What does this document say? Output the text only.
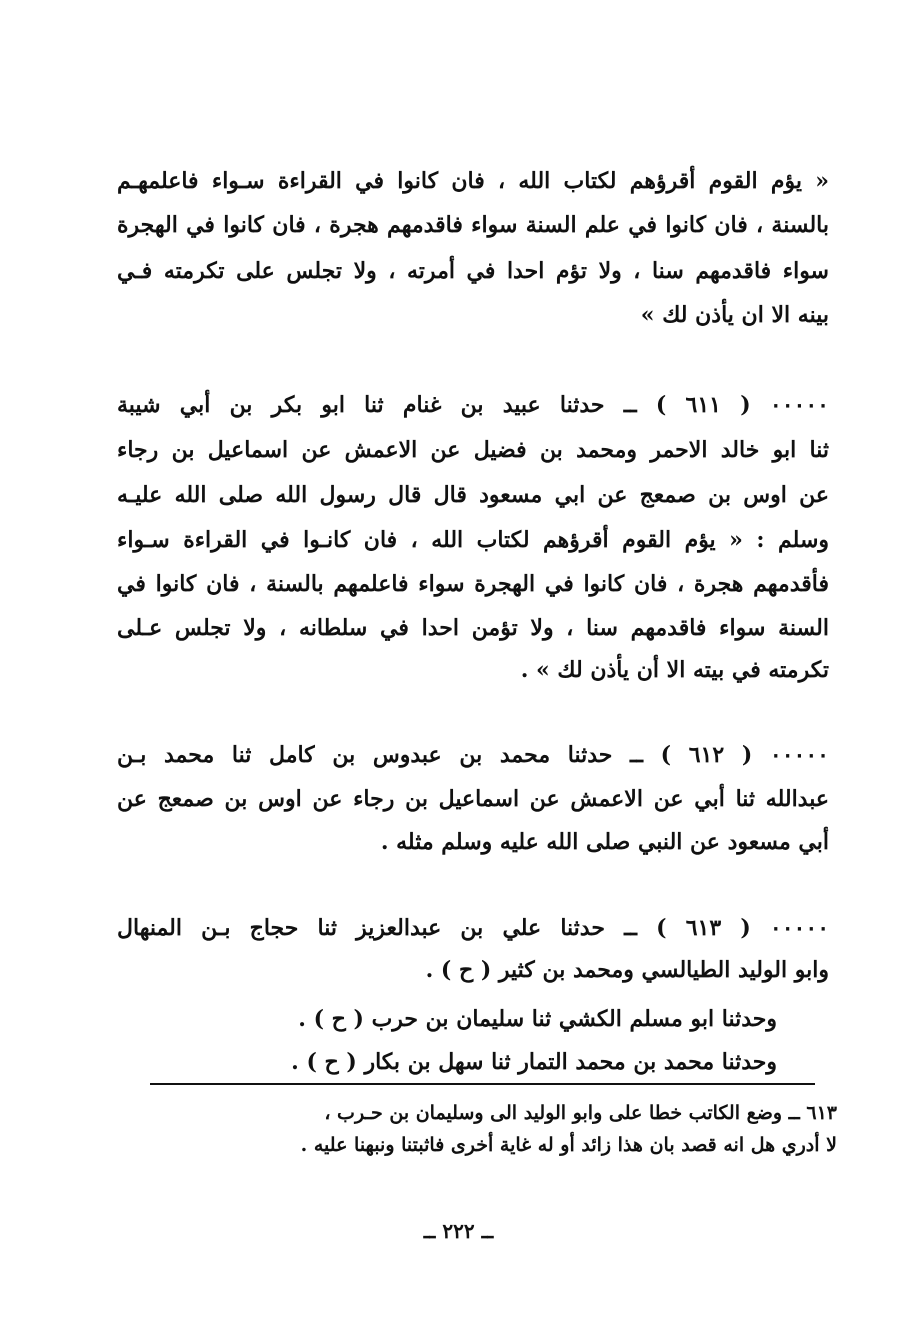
« يؤم القوم أقرؤهم لكتاب الله ، فان كانوا في القراءة سـواء فاعلمهـم
بالسنة ، فان كانوا في علم السنة سواء فاقدمهم هجرة ، فان كانوا في الهجرة
سواء فاقدمهم سنا ، ولا تؤم احدا في أمرته ، ولا تجلس على تكرمته فـي
بينه الا ان يأذن لك »
٠٠٠٠٠ ( ٦١١ ) ــ حدثنا عبيد بن غنام ثنا ابو بكر بن أبي شيبة
ثنا ابو خالد الاحمر ومحمد بن فضيل عن الاعمش عن اسماعيل بن رجاء
عن اوس بن صمعج عن ابي مسعود قال قال رسول الله صلى الله عليـه
وسلم : « يؤم القوم أقرؤهم لكتاب الله ، فان كانـوا في القراءة سـواء
فأقدمهم هجرة ، فان كانوا في الهجرة سواء فاعلمهم بالسنة ، فان كانوا في
السنة سواء فاقدمهم سنا ، ولا تؤمن احدا في سلطانه ، ولا تجلس عـلى
تكرمته في بيته الا أن يأذن لك » .
٠٠٠٠٠ ( ٦١٢ ) ــ حدثنا محمد بن عبدوس بن كامل ثنا محمد بـن
عبدالله ثنا أبي عن الاعمش عن اسماعيل بن رجاء عن اوس بن صمعج عن
أبي مسعود عن النبي صلى الله عليه وسلم مثله .
٠٠٠٠٠ ( ٦١٣ ) ــ حدثنا علي بن عبدالعزيز ثنا حجاج بـن المنهال
وابو الوليد الطيالسي ومحمد بن كثير ( ح ) .
وحدثنا ابو مسلم الكشي ثنا سليمان بن حرب ( ح ) .
وحدثنا محمد بن محمد التمار ثنا سهل بن بكار ( ح ) .
٦١٣ ــ وضع الكاتب خطا على وابو الوليد الى وسليمان بن حـرب ،
لا أدري هل انه قصد بان هذا زائد أو له غاية أخرى فاثبتنا ونبهنا عليه .
ــ ٢٢٢ ــ
